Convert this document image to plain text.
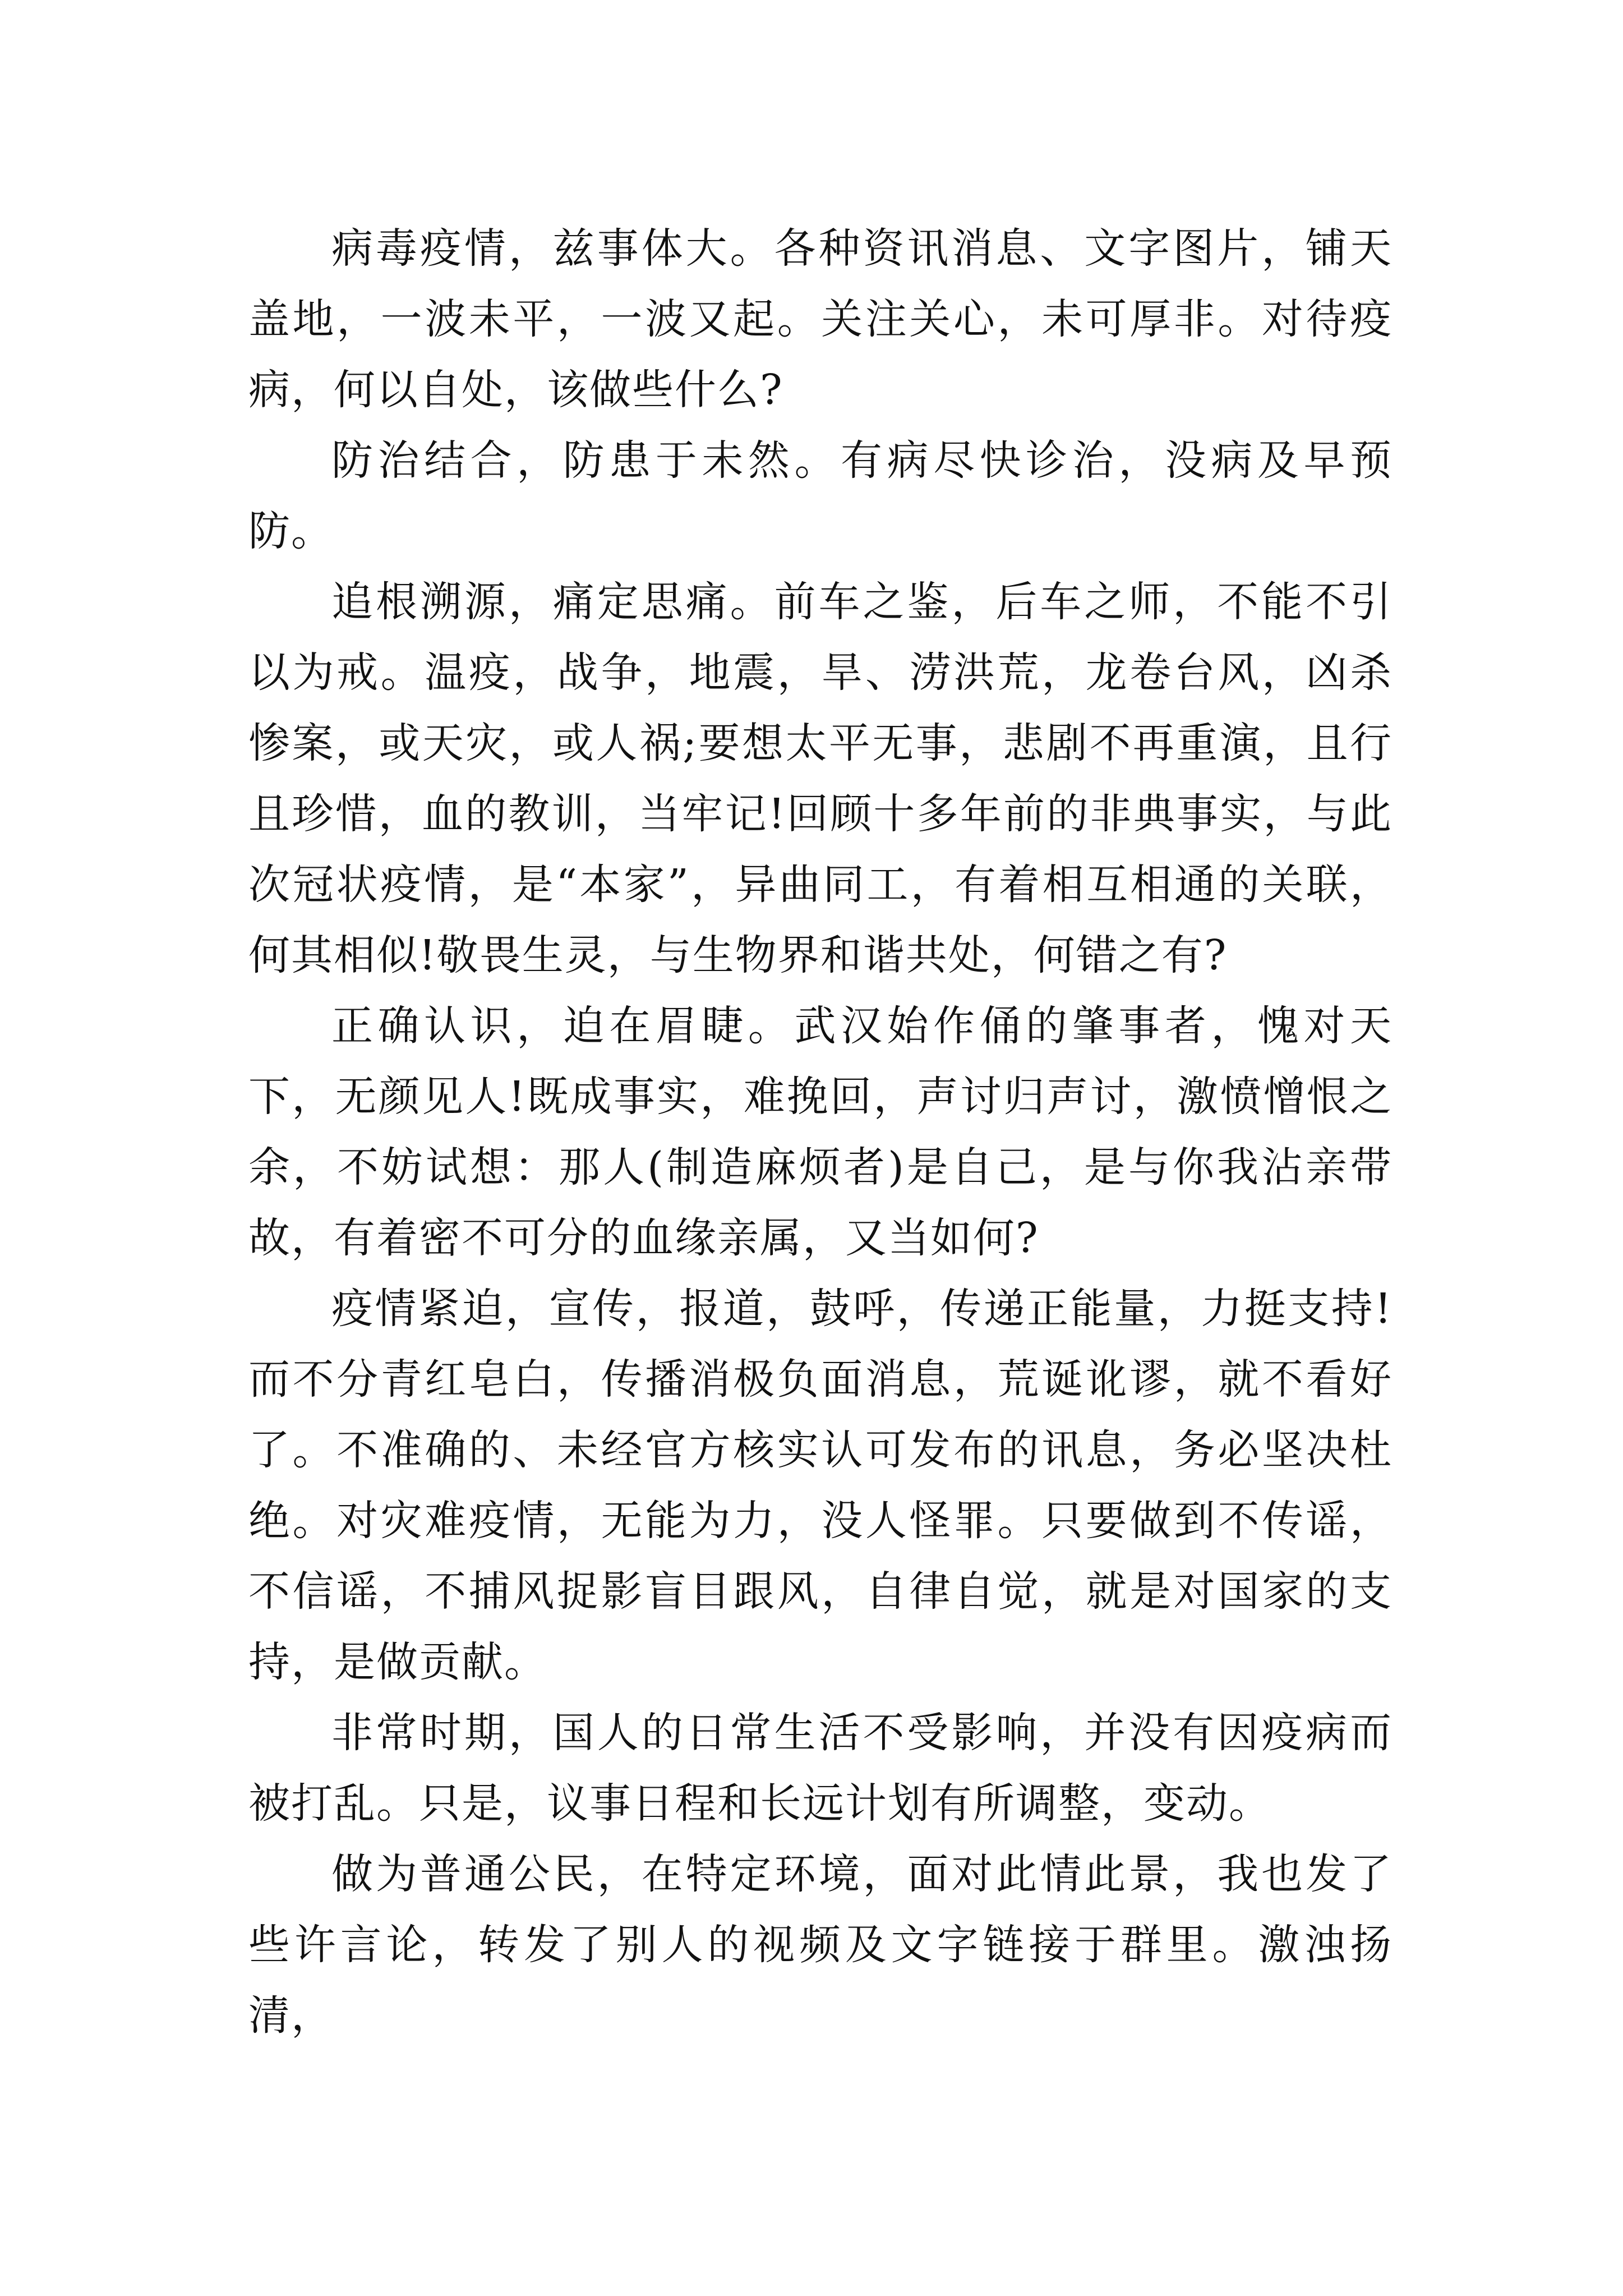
病毒疫情，兹事体大。各种资讯消息、文字图片，铺天盖地，一波未平，一波又起。关注关心，未可厚非。对待疫病，何以自处，该做些什么?

防治结合，防患于未然。有病尽快诊治，没病及早预防。

追根溯源，痛定思痛。前车之鉴，后车之师，不能不引以为戒。温疫，战争，地震，旱、涝洪荒，龙卷台风，凶杀惨案，或天灾，或人祸;要想太平无事，悲剧不再重演，且行且珍惜，血的教训，当牢记!回顾十多年前的非典事实，与此次冠状疫情，是“本家”，异曲同工，有着相互相通的关联，何其相似!敬畏生灵，与生物界和谐共处，何错之有?

正确认识，迫在眉睫。武汉始作俑的肇事者，愧对天下，无颜见人!既成事实，难挽回，声讨归声讨，激愤憎恨之余，不妨试想：那人(制造麻烦者)是自己，是与你我沾亲带故，有着密不可分的血缘亲属，又当如何?

疫情紧迫，宣传，报道，鼓呼，传递正能量，力挺支持!而不分青红皂白，传播消极负面消息，荒诞讹谬，就不看好了。不准确的、未经官方核实认可发布的讯息，务必坚决杜绝。对灾难疫情，无能为力，没人怪罪。只要做到不传谣，不信谣，不捕风捉影盲目跟风，自律自觉，就是对国家的支持，是做贡献。

非常时期，国人的日常生活不受影响，并没有因疫病而被打乱。只是，议事日程和长远计划有所调整，变动。

做为普通公民，在特定环境，面对此情此景，我也发了些许言论，转发了别人的视频及文字链接于群里。激浊扬清，
